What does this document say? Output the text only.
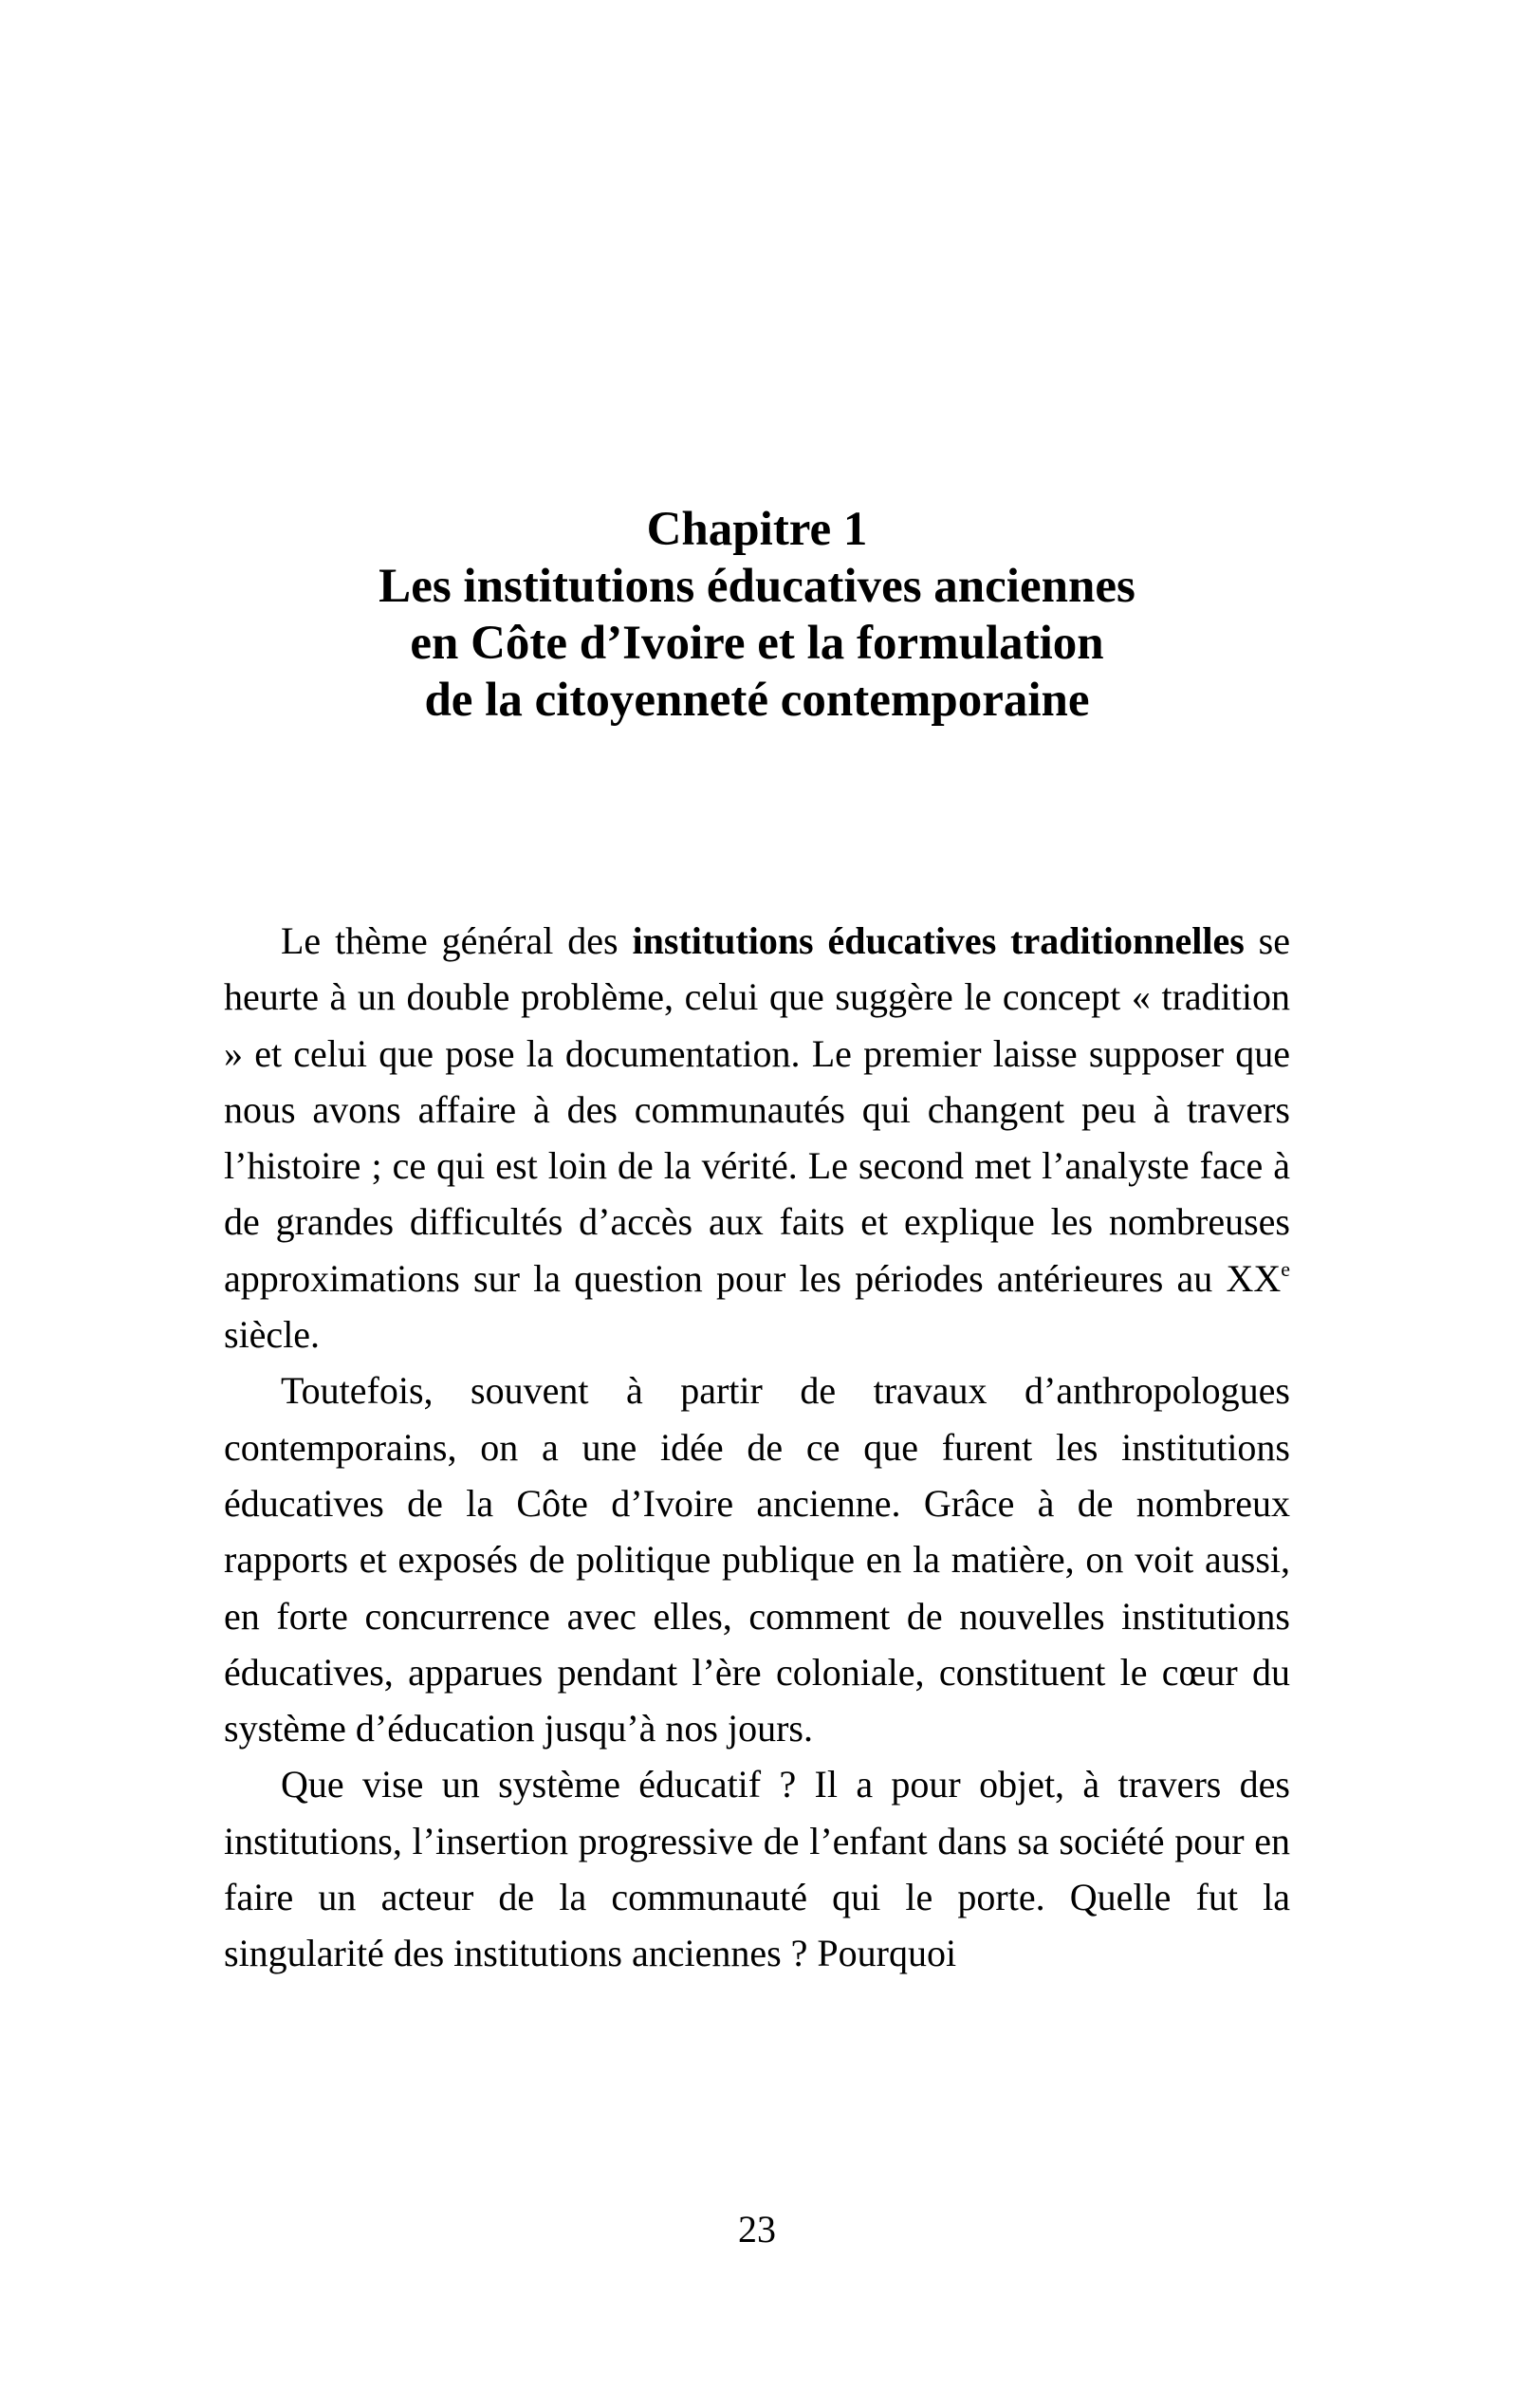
Chapitre 1
Les institutions éducatives anciennes
en Côte d’Ivoire et la formulation
de la citoyenneté contemporaine

Le thème général des institutions éducatives traditionnelles se heurte à un double problème, celui que suggère le concept « tradition » et celui que pose la documentation. Le premier laisse supposer que nous avons affaire à des communautés qui changent peu à travers l’histoire ; ce qui est loin de la vérité. Le second met l’analyste face à de grandes difficultés d’accès aux faits et explique les nombreuses approximations sur la question pour les périodes antérieures au XXe siècle.

Toutefois, souvent à partir de travaux d’anthropologues contemporains, on a une idée de ce que furent les institutions éducatives de la Côte d’Ivoire ancienne. Grâce à de nombreux rapports et exposés de politique publique en la matière, on voit aussi, en forte concurrence avec elles, comment de nouvelles institutions éducatives, apparues pendant l’ère coloniale, constituent le cœur du système d’éducation jusqu’à nos jours.

Que vise un système éducatif ? Il a pour objet, à travers des institutions, l’insertion progressive de l’enfant dans sa société pour en faire un acteur de la communauté qui le porte. Quelle fut la singularité des institutions anciennes ? Pourquoi

23
